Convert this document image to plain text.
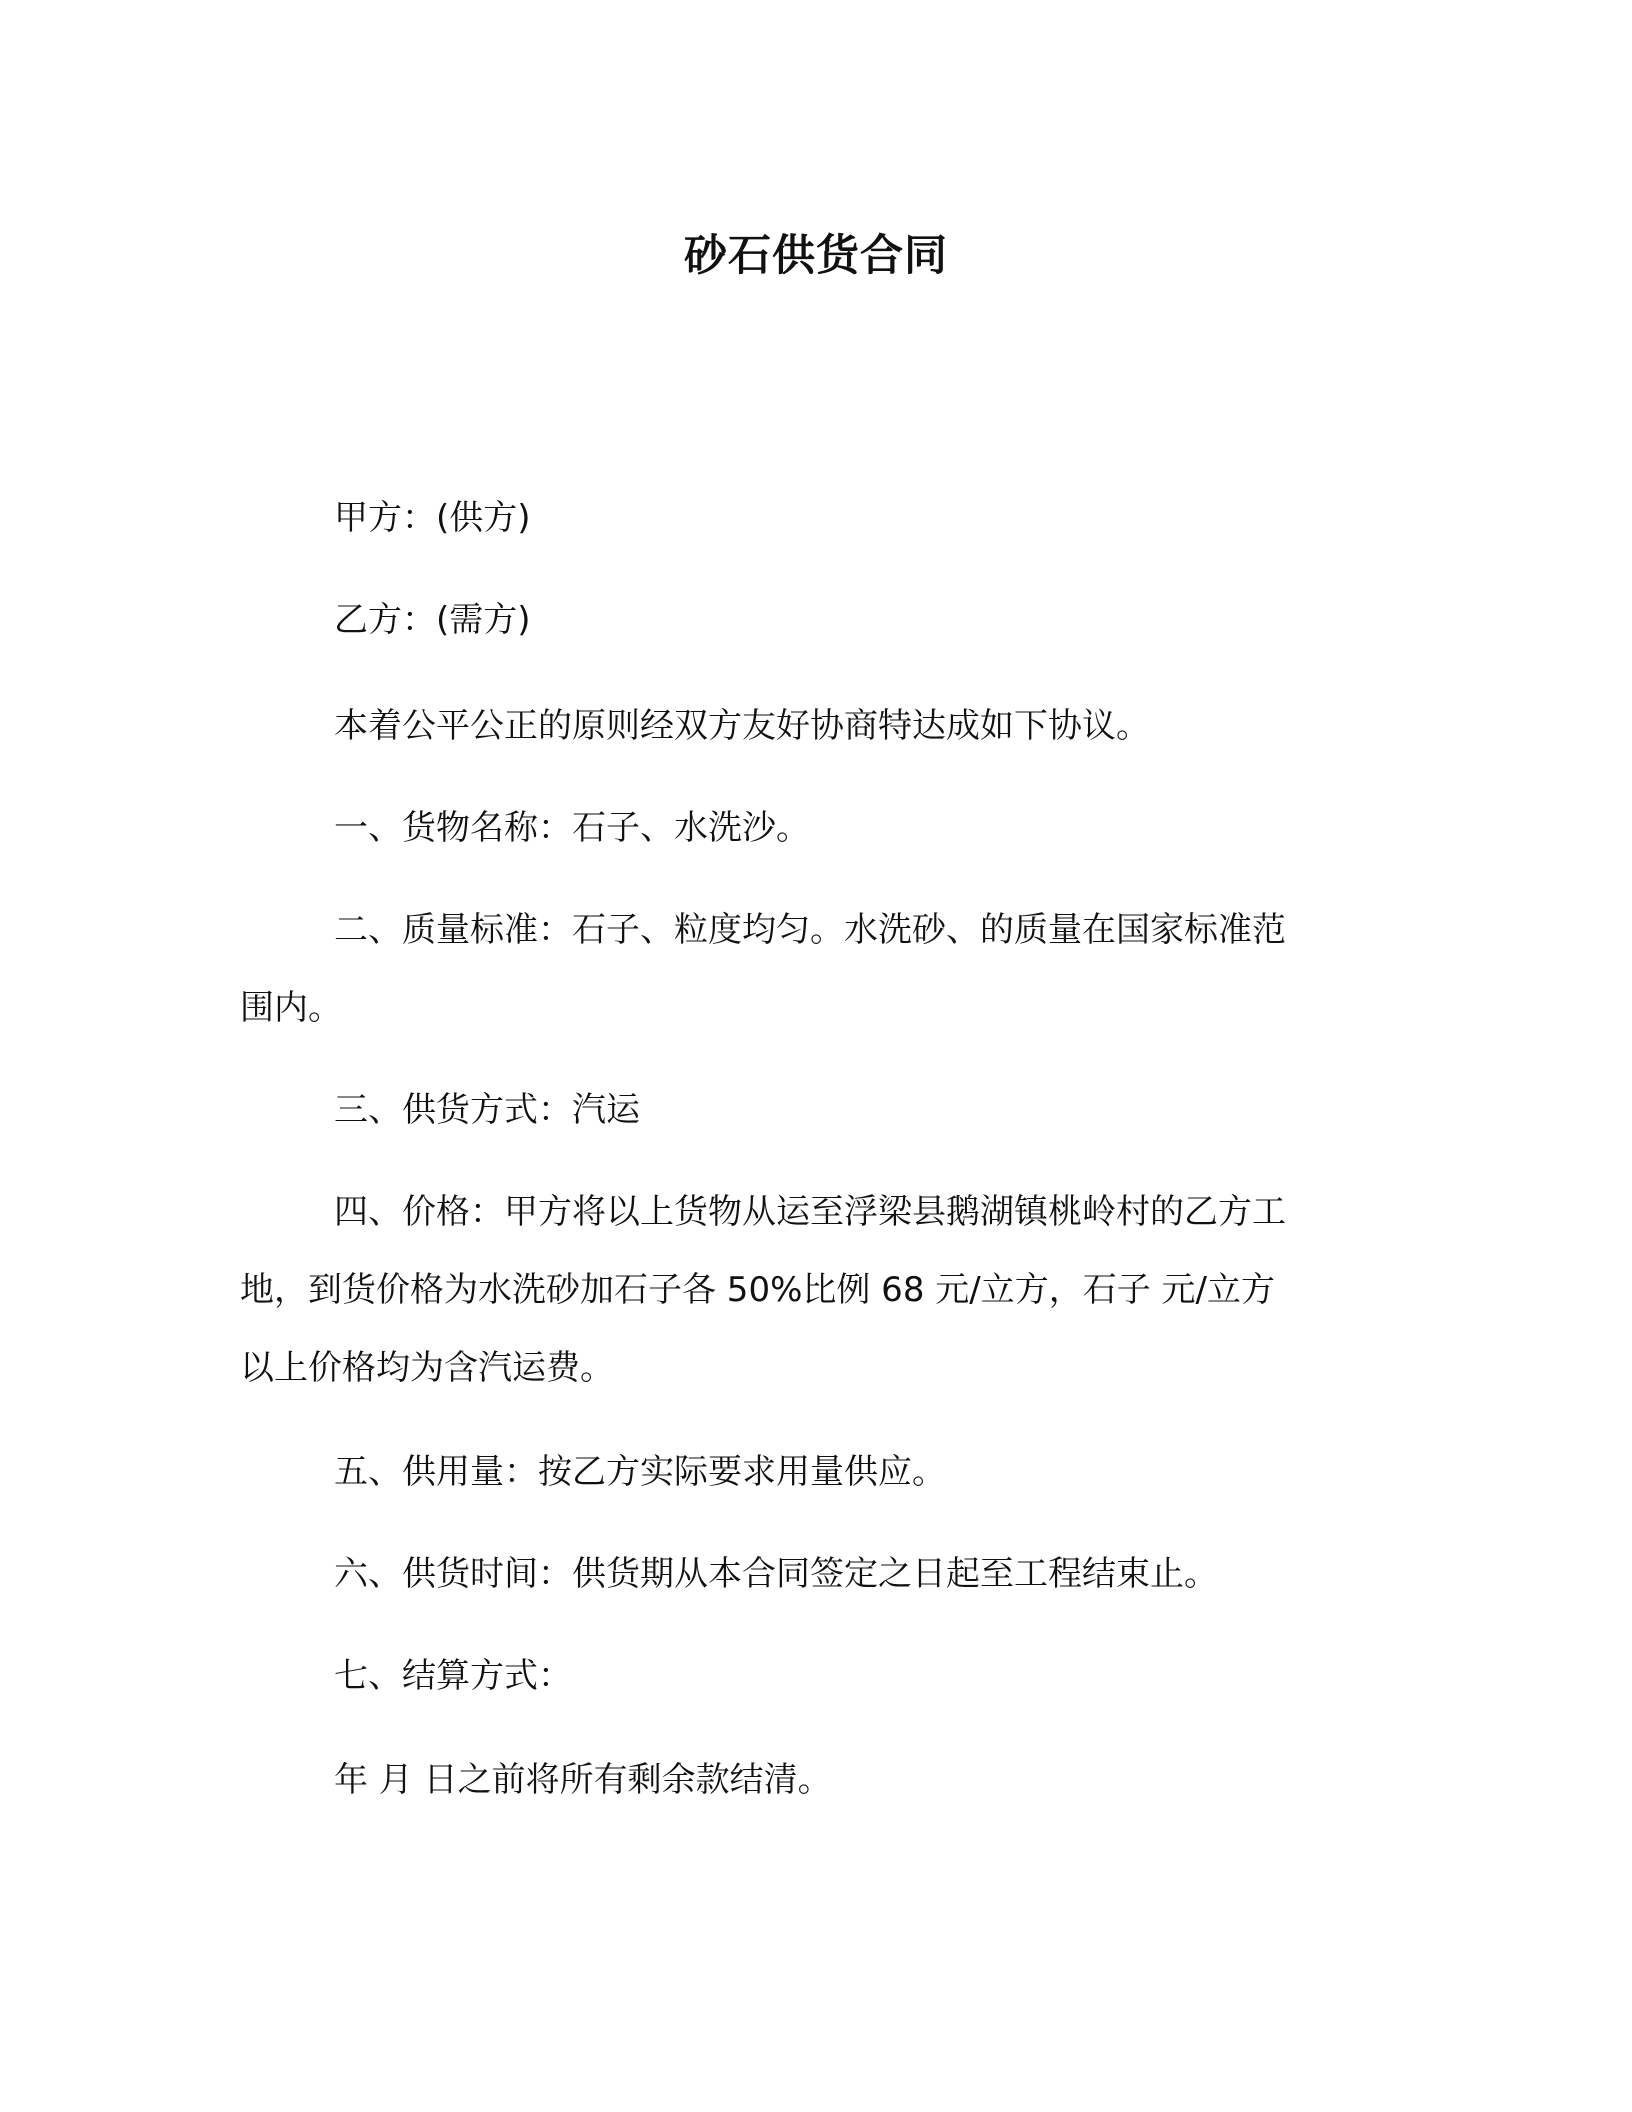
砂石供货合同
甲方：(供方)
乙方：(需方)
本着公平公正的原则经双方友好协商特达成如下协议。
一、货物名称：石子、水洗沙。
二、质量标准：石子、粒度均匀。水洗砂、的质量在国家标准范
围内。
三、供货方式：汽运
四、价格：甲方将以上货物从运至浮梁县鹅湖镇桃岭村的乙方工
地，到货价格为水洗砂加石子各 50%比例 68 元/立方，石子 元/立方
以上价格均为含汽运费。
五、供用量：按乙方实际要求用量供应。
六、供货时间：供货期从本合同签定之日起至工程结束止。
七、结算方式：
年 月 日之前将所有剩余款结清。
